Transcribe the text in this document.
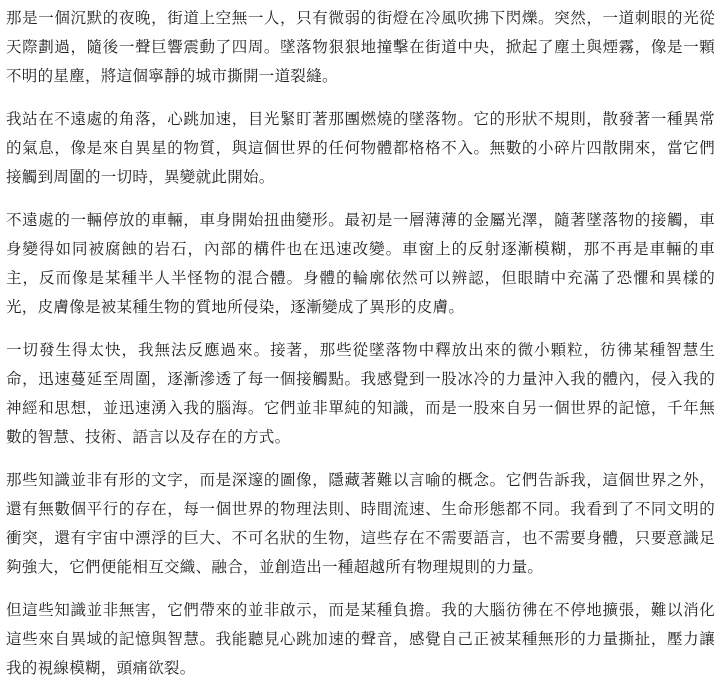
那是一個沉默的夜晚，街道上空無一人，只有微弱的街燈在冷風吹拂下閃爍。突然，一道刺眼的光從天際劃過，隨後一聲巨響震動了四周。墜落物狠狠地撞擊在街道中央，掀起了塵土與煙霧，像是一顆不明的星塵，將這個寧靜的城市撕開一道裂縫。

我站在不遠處的角落，心跳加速，目光緊盯著那團燃燒的墜落物。它的形狀不規則，散發著一種異常的氣息，像是來自異星的物質，與這個世界的任何物體都格格不入。無數的小碎片四散開來，當它們接觸到周圍的一切時，異變就此開始。

不遠處的一輛停放的車輛，車身開始扭曲變形。最初是一層薄薄的金屬光澤，隨著墜落物的接觸，車身變得如同被腐蝕的岩石，內部的構件也在迅速改變。車窗上的反射逐漸模糊，那不再是車輛的車主，反而像是某種半人半怪物的混合體。身體的輪廓依然可以辨認，但眼睛中充滿了恐懼和異樣的光，皮膚像是被某種生物的質地所侵染，逐漸變成了異形的皮膚。

一切發生得太快，我無法反應過來。接著，那些從墜落物中釋放出來的微小顆粒，彷彿某種智慧生命，迅速蔓延至周圍，逐漸滲透了每一個接觸點。我感覺到一股冰冷的力量沖入我的體內，侵入我的神經和思想，並迅速湧入我的腦海。它們並非單純的知識，而是一股來自另一個世界的記憶，千年無數的智慧、技術、語言以及存在的方式。

那些知識並非有形的文字，而是深邃的圖像，隱藏著難以言喻的概念。它們告訴我，這個世界之外，還有無數個平行的存在，每一個世界的物理法則、時間流速、生命形態都不同。我看到了不同文明的衝突，還有宇宙中漂浮的巨大、不可名狀的生物，這些存在不需要語言，也不需要身體，只要意識足夠強大，它們便能相互交織、融合，並創造出一種超越所有物理規則的力量。

但這些知識並非無害，它們帶來的並非啟示，而是某種負擔。我的大腦彷彿在不停地擴張，難以消化這些來自異域的記憶與智慧。我能聽見心跳加速的聲音，感覺自己正被某種無形的力量撕扯，壓力讓我的視線模糊，頭痛欲裂。
